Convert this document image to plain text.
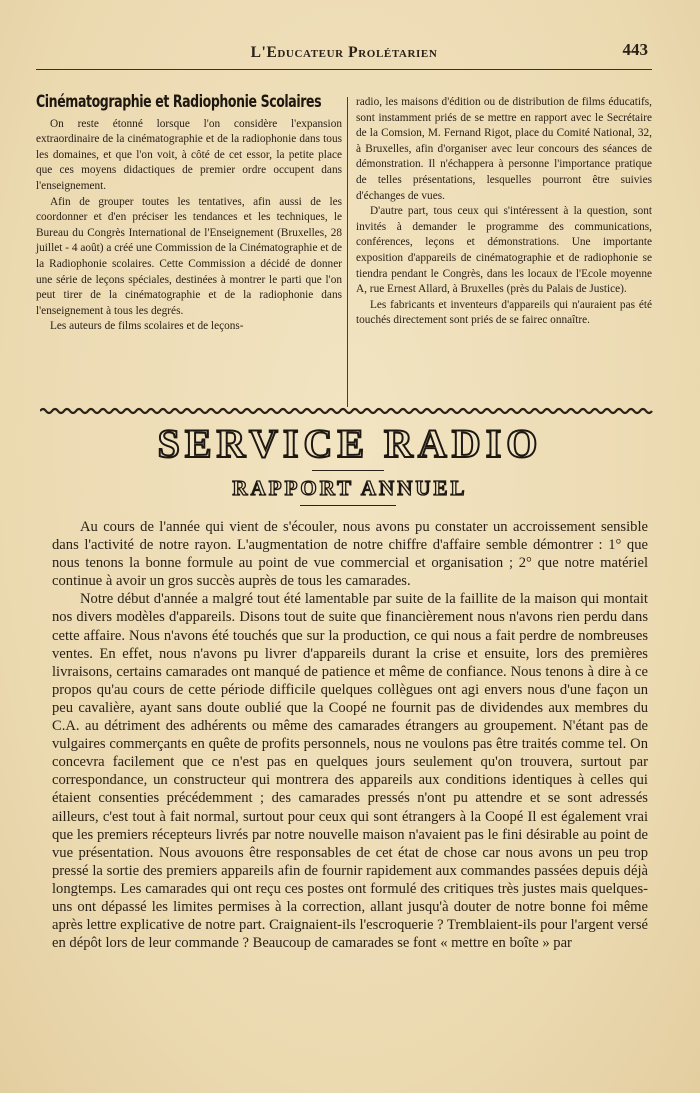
L'Educateur Prolétarien	443
Cinématographie et Radiophonie Scolaires

On reste étonné lorsque l'on considère l'expansion extraordinaire de la cinématographie et de la radiophonie dans tous les domaines, et que l'on voit, à côté de cet essor, la petite place que ces moyens didactiques de premier ordre occupent dans l'enseignement.

Afin de grouper toutes les tentatives, afin aussi de les coordonner et d'en préciser les tendances et les techniques, le Bureau du Congrès International de l'Enseignement (Bruxelles, 28 juillet - 4 août) a créé une Commission de la Cinématographie et de la Radiophonie scolaires. Cette Commission a décidé de donner une série de leçons spéciales, destinées à montrer le parti que l'on peut tirer de la cinématographie et de la radiophonie dans l'enseignement à tous les degrés.

Les auteurs de films scolaires et de leçons-

radio, les maisons d'édition ou de distribution de films éducatifs, sont instamment priés de se mettre en rapport avec le Secrétaire de la Comsion, M. Fernand Rigot, place du Comité National, 32, à Bruxelles, afin d'organiser avec leur concours des séances de démonstration. Il n'échappera à personne l'importance pratique de telles présentations, lesquelles pourront être suivies d'échanges de vues.

D'autre part, tous ceux qui s'intéressent à la question, sont invités à demander le programme des communications, conférences, leçons et démonstrations. Une importante exposition d'appareils de cinématographie et de radiophonie se tiendra pendant le Congrès, dans les locaux de l'Ecole moyenne A, rue Ernest Allard, à Bruxelles (près du Palais de Justice).

Les fabricants et inventeurs d'appareils qui n'auraient pas été touchés directement sont priés de se fairec onnaître.

SERVICE RADIO
RAPPORT ANNUEL

Au cours de l'année qui vient de s'écouler, nous avons pu constater un accroissement sensible dans l'activité de notre rayon. L'augmentation de notre chiffre d'affaire semble démontrer : 1° que nous tenons la bonne formule au point de vue commercial et organisation ; 2° que notre matériel continue à avoir un gros succès auprès de tous les camarades.

Notre début d'année a malgré tout été lamentable par suite de la faillite de la maison qui montait nos divers modèles d'appareils. Disons tout de suite que financièrement nous n'avons rien perdu dans cette affaire. Nous n'avons été touchés que sur la production, ce qui nous a fait perdre de nombreuses ventes. En effet, nous n'avons pu livrer d'appareils durant la crise et ensuite, lors des premières livraisons, certains camarades ont manqué de patience et même de confiance. Nous tenons à dire à ce propos qu'au cours de cette période difficile quelques collègues ont agi envers nous d'une façon un peu cavalière, ayant sans doute oublié que la Coopé ne fournit pas de dividendes aux membres du C.A. au détriment des adhérents ou même des camarades étrangers au groupement. N'étant pas de vulgaires commerçants en quête de profits personnels, nous ne voulons pas être traités comme tel. On concevra facilement que ce n'est pas en quelques jours seulement qu'on trouvera, surtout par correspondance, un constructeur qui montrera des appareils aux conditions identiques à celles qui étaient consenties précédemment ; des camarades pressés n'ont pu attendre et se sont adressés ailleurs, c'est tout à fait normal, surtout pour ceux qui sont étrangers à la Coopé Il est également vrai que les premiers récepteurs livrés par notre nouvelle maison n'avaient pas le fini désirable au point de vue présentation. Nous avouons être responsables de cet état de chose car nous avons un peu trop pressé la sortie des premiers appareils afin de fournir rapidement aux commandes passées depuis déjà longtemps. Les camarades qui ont reçu ces postes ont formulé des critiques très justes mais quelques-uns ont dépassé les limites permises à la correction, allant jusqu'à douter de notre bonne foi même après lettre explicative de notre part. Craignaient-ils l'escroquerie ? Tremblaient-ils pour l'argent versé en dépôt lors de leur commande ? Beaucoup de camarades se font « mettre en boîte » par
